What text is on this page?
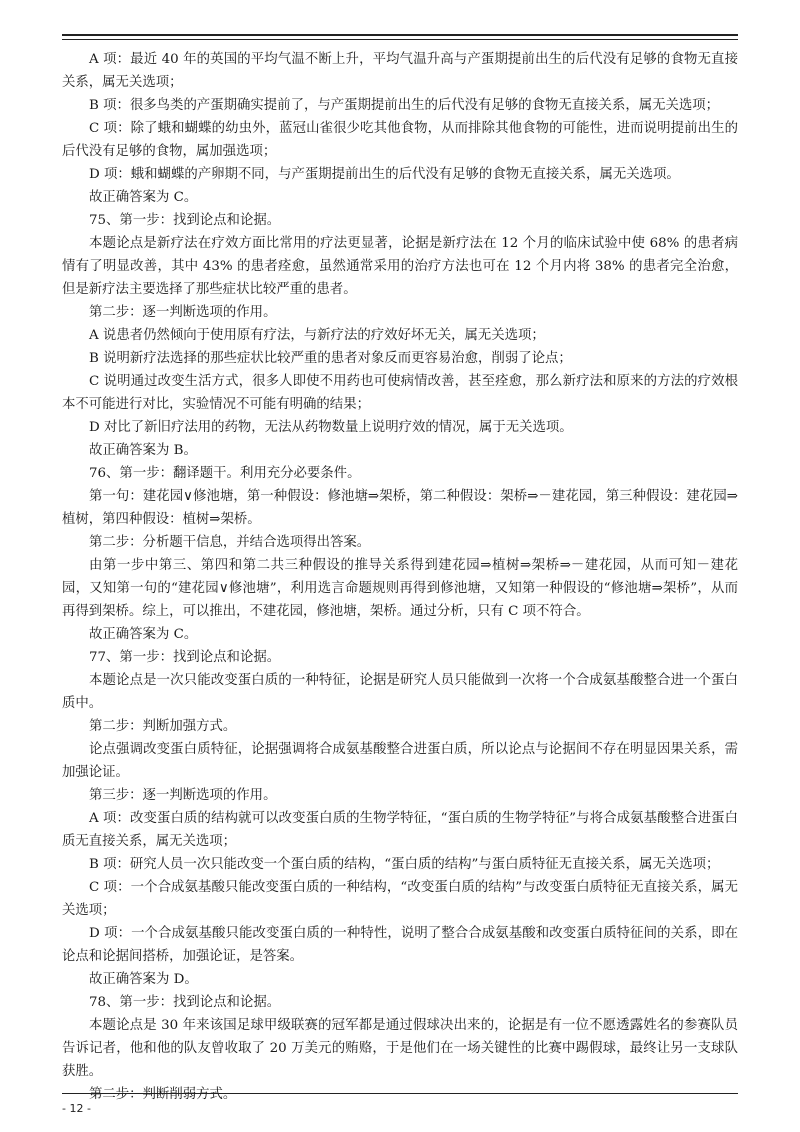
A 项：最近 40 年的英国的平均气温不断上升，平均气温升高与产蛋期提前出生的后代没有足够的食物无直接关系，属无关选项；

B 项：很多鸟类的产蛋期确实提前了，与产蛋期提前出生的后代没有足够的食物无直接关系，属无关选项；

C 项：除了蛾和蝴蝶的幼虫外，蓝冠山雀很少吃其他食物，从而排除其他食物的可能性，进而说明提前出生的后代没有足够的食物，属加强选项；

D 项：蛾和蝴蝶的产卵期不同，与产蛋期提前出生的后代没有足够的食物无直接关系，属无关选项。

故正确答案为 C。

75、第一步：找到论点和论据。

本题论点是新疗法在疗效方面比常用的疗法更显著，论据是新疗法在 12 个月的临床试验中使 68% 的患者病情有了明显改善，其中 43% 的患者痊愈，虽然通常采用的治疗方法也可在 12 个月内将 38% 的患者完全治愈，但是新疗法主要选择了那些症状比较严重的患者。

第二步：逐一判断选项的作用。

A 说患者仍然倾向于使用原有疗法，与新疗法的疗效好坏无关，属无关选项；

B 说明新疗法选择的那些症状比较严重的患者对象反而更容易治愈，削弱了论点；

C 说明通过改变生活方式，很多人即使不用药也可使病情改善，甚至痊愈，那么新疗法和原来的方法的疗效根本不可能进行对比，实验情况不可能有明确的结果；

D 对比了新旧疗法用的药物，无法从药物数量上说明疗效的情况，属于无关选项。

故正确答案为 B。

76、第一步：翻译题干。利用充分必要条件。

第一句：建花园∨修池塘，第一种假设：修池塘⇒架桥，第二种假设：架桥⇒－建花园，第三种假设：建花园⇒植树，第四种假设：植树⇒架桥。

第二步：分析题干信息，并结合选项得出答案。

由第一步中第三、第四和第二共三种假设的推导关系得到建花园⇒植树⇒架桥⇒－建花园，从而可知－建花园，又知第一句的“建花园∨修池塘”，利用选言命题规则再得到修池塘，又知第一种假设的“修池塘⇒架桥”，从而再得到架桥。综上，可以推出，不建花园，修池塘，架桥。通过分析，只有 C 项不符合。

故正确答案为 C。

77、第一步：找到论点和论据。

本题论点是一次只能改变蛋白质的一种特征，论据是研究人员只能做到一次将一个合成氨基酸整合进一个蛋白质中。

第二步：判断加强方式。

论点强调改变蛋白质特征，论据强调将合成氨基酸整合进蛋白质，所以论点与论据间不存在明显因果关系，需加强论证。

第三步：逐一判断选项的作用。

A 项：改变蛋白质的结构就可以改变蛋白质的生物学特征，“蛋白质的生物学特征”与将合成氨基酸整合进蛋白质无直接关系，属无关选项；

B 项：研究人员一次只能改变一个蛋白质的结构，“蛋白质的结构”与蛋白质特征无直接关系，属无关选项；

C 项：一个合成氨基酸只能改变蛋白质的一种结构，“改变蛋白质的结构”与改变蛋白质特征无直接关系，属无关选项；

D 项：一个合成氨基酸只能改变蛋白质的一种特性，说明了整合合成氨基酸和改变蛋白质特征间的关系，即在论点和论据间搭桥，加强论证，是答案。

故正确答案为 D。

78、第一步：找到论点和论据。

本题论点是 30 年来该国足球甲级联赛的冠军都是通过假球决出来的，论据是有一位不愿透露姓名的参赛队员告诉记者，他和他的队友曾收取了 20 万美元的贿赂，于是他们在一场关键性的比赛中踢假球，最终让另一支球队获胜。

第二步：判断削弱方式。

- 12 -
